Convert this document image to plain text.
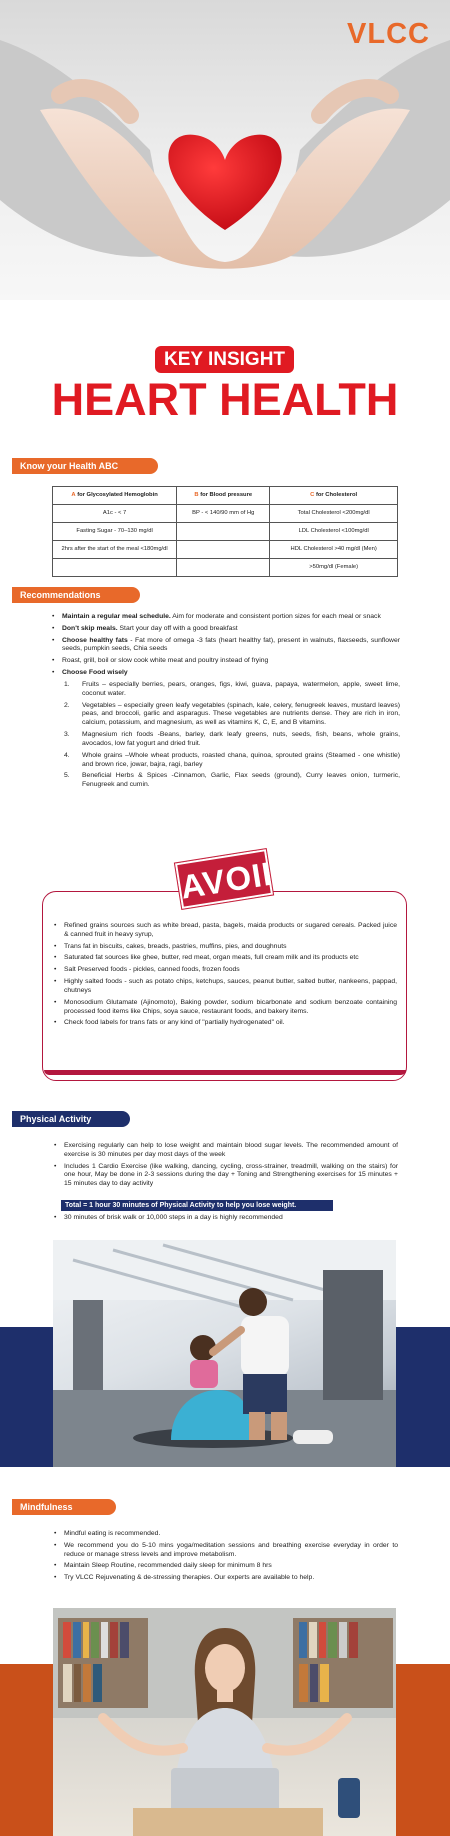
VLCC
KEY INSIGHT
HEART HEALTH
Know your Health ABC
A for Glycosylated Hemoglobin	B for Blood pressure	C for Cholesterol
A1c - < 7	BP - < 140/90 mm of Hg	Total Cholesterol <200mg/dl
Fasting Sugar - 70–130 mg/dl		LDL Cholesterol <100mg/dl
2hrs after the start of the meal <180mg/dl		HDL Cholesterol >40 mg/dl (Men)
		>50mg/dl (Female)
Recommendations
• Maintain a regular meal schedule. Aim for moderate and consistent portion sizes for each meal or snack
• Don't skip meals. Start your day off with a good breakfast
• Choose healthy fats - Fat more of omega -3 fats (heart healthy fat), present in walnuts, flaxseeds, sunflower seeds, pumpkin seeds, Chia seeds
• Roast, grill, boil or slow cook white meat and poultry instead of frying
• Choose Food wisely
1. Fruits – especially berries, pears, oranges, figs, kiwi, guava, papaya, watermelon, apple, sweet lime, coconut water.
2. Vegetables – especially green leafy vegetables (spinach, kale, celery, fenugreek leaves, mustard leaves) peas, and broccoli, garlic and asparagus. These vegetables are nutrients dense. They are rich in iron, calcium, potassium, and magnesium, as well as vitamins K, C, E, and B vitamins.
3. Magnesium rich foods -Beans, barley, dark leafy greens, nuts, seeds, fish, beans, whole grains, avocados, low fat yogurt and dried fruit.
4. Whole grains –Whole wheat products, roasted chana, quinoa, sprouted grains (Steamed - one whistle) and brown rice, jowar, bajra, ragi, barley
5. Beneficial Herbs & Spices -Cinnamon, Garlic, Flax seeds (ground), Curry leaves onion, turmeric, Fenugreek and cumin.
AVOID
• Refined grains sources such as white bread, pasta, bagels, maida products or sugared cereals. Packed juice & canned fruit in heavy syrup,
• Trans fat in biscuits, cakes, breads, pastries, muffins, pies, and doughnuts
• Saturated fat sources like ghee, butter, red meat, organ meats, full cream milk and its products etc
• Salt Preserved foods - pickles, canned foods, frozen foods
• Highly salted foods - such as potato chips, ketchups, sauces, peanut butter, salted butter, nankeens, pappad, chutneys
• Monosodium Glutamate (Ajinomoto), Baking powder, sodium bicarbonate and sodium benzoate containing processed food items like Chips, soya sauce, restaurant foods, and bakery items.
• Check food labels for trans fats or any kind of "partially hydrogenated" oil.
Physical Activity
• Exercising regularly can help to lose weight and maintain blood sugar levels. The recommended amount of exercise is 30 minutes per day most days of the week
• Includes 1 Cardio Exercise (like walking, dancing, cycling, cross-strainer, treadmill, walking on the stairs) for one hour, May be done in 2-3 sessions during the day + Toning and Strengthening exercises for 15 minutes + 15 minutes day to day activity
Total = 1 hour 30 minutes of Physical Activity to help you lose weight.
• 30 minutes of brisk walk or 10,000 steps in a day is highly recommended
Mindfulness
• Mindful eating is recommended.
• We recommend you do 5-10 mins yoga/meditation sessions and breathing exercise everyday in order to reduce or manage stress levels and improve metabolism.
• Maintain Sleep Routine, recommended daily sleep for minimum 8 hrs
• Try VLCC Rejuvenating & de-stressing therapies. Our experts are available to help.
